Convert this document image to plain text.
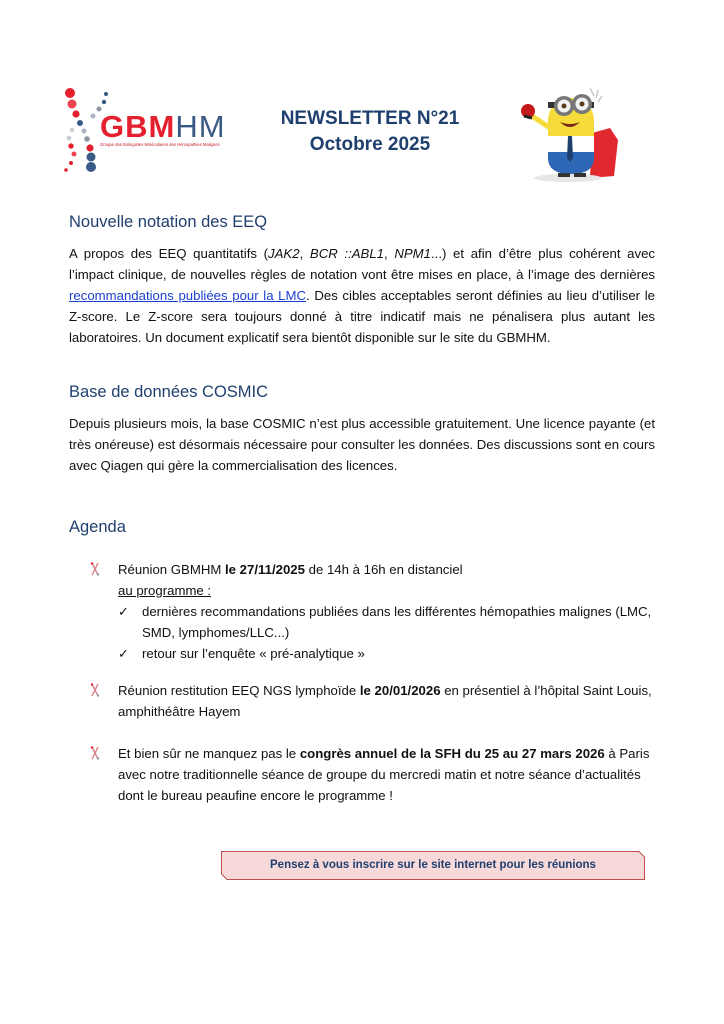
GBMHM
Groupe des Biologistes Moléculaires des Hémopathies Malignes
NEWSLETTER N°21
Octobre 2025
Nouvelle notation des EEQ
A propos des EEQ quantitatifs (JAK2, BCR ::ABL1, NPM1...) et afin d’être plus cohérent avec l’impact clinique, de nouvelles règles de notation vont être mises en place, à l’image des dernières recommandations publiées pour la LMC. Des cibles acceptables seront définies au lieu d’utiliser le Z-score. Le Z-score sera toujours donné à titre indicatif mais ne pénalisera plus autant les laboratoires. Un document explicatif sera bientôt disponible sur le site du GBMHM.
Base de données COSMIC
Depuis plusieurs mois, la base COSMIC n’est plus accessible gratuitement. Une licence payante (et très onéreuse) est désormais nécessaire pour consulter les données. Des discussions sont en cours avec Qiagen qui gère la commercialisation des licences.
Agenda
Réunion GBMHM le 27/11/2025 de 14h à 16h en distanciel
au programme :
✓ dernières recommandations publiées dans les différentes hémopathies malignes (LMC, SMD, lymphomes/LLC...)
✓ retour sur l’enquête « pré-analytique »
Réunion restitution EEQ NGS lymphoïde le 20/01/2026 en présentiel à l’hôpital Saint Louis, amphithéâtre Hayem
Et bien sûr ne manquez pas le congrès annuel de la SFH du 25 au 27 mars 2026 à Paris avec notre traditionnelle séance de groupe du mercredi matin et notre séance d’actualités dont le bureau peaufine encore le programme !
Pensez à vous inscrire sur le site internet pour les réunions
